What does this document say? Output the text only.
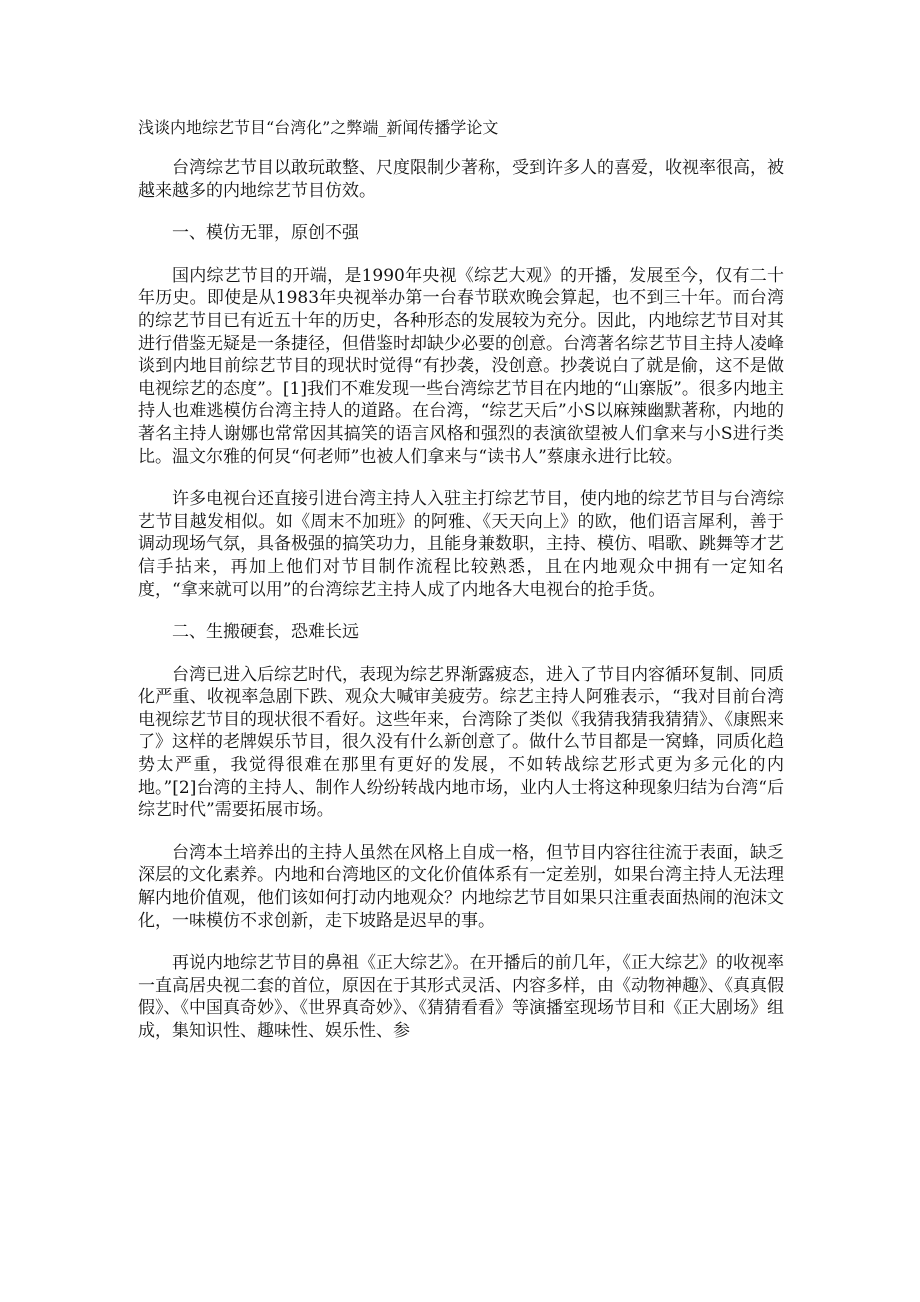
浅谈内地综艺节目“台湾化”之弊端_新闻传播学论文

台湾综艺节目以敢玩敢整、尺度限制少著称，受到许多人的喜爱，收视率很高，被越来越多的内地综艺节目仿效。

一、模仿无罪，原创不强

国内综艺节目的开端，是1990年央视《综艺大观》的开播，发展至今，仅有二十年历史。即使是从1983年央视举办第一台春节联欢晚会算起，也不到三十年。而台湾的综艺节目已有近五十年的历史，各种形态的发展较为充分。因此，内地综艺节目对其进行借鉴无疑是一条捷径，但借鉴时却缺少必要的创意。台湾著名综艺节目主持人凌峰谈到内地目前综艺节目的现状时觉得“有抄袭，没创意。抄袭说白了就是偷，这不是做电视综艺的态度”。[1]我们不难发现一些台湾综艺节目在内地的“山寨版”。很多内地主持人也难逃模仿台湾主持人的道路。在台湾，“综艺天后”小S以麻辣幽默著称，内地的著名主持人谢娜也常常因其搞笑的语言风格和强烈的表演欲望被人们拿来与小S进行类比。温文尔雅的何炅“何老师”也被人们拿来与“读书人”蔡康永进行比较。

许多电视台还直接引进台湾主持人入驻主打综艺节目，使内地的综艺节目与台湾综艺节目越发相似。如《周末不加班》的阿雅、《天天向上》的欧，他们语言犀利，善于调动现场气氛，具备极强的搞笑功力，且能身兼数职，主持、模仿、唱歌、跳舞等才艺信手拈来，再加上他们对节目制作流程比较熟悉，且在内地观众中拥有一定知名度，“拿来就可以用”的台湾综艺主持人成了内地各大电视台的抢手货。

二、生搬硬套，恐难长远

台湾已进入后综艺时代，表现为综艺界渐露疲态，进入了节目内容循环复制、同质化严重、收视率急剧下跌、观众大喊审美疲劳。综艺主持人阿雅表示，“我对目前台湾电视综艺节目的现状很不看好。这些年来，台湾除了类似《我猜我猜我猜猜》、《康熙来了》这样的老牌娱乐节目，很久没有什么新创意了。做什么节目都是一窝蜂，同质化趋势太严重，我觉得很难在那里有更好的发展，不如转战综艺形式更为多元化的内地。”[2]台湾的主持人、制作人纷纷转战内地市场，业内人士将这种现象归结为台湾“后综艺时代”需要拓展市场。

台湾本土培养出的主持人虽然在风格上自成一格，但节目内容往往流于表面，缺乏深层的文化素养。内地和台湾地区的文化价值体系有一定差别，如果台湾主持人无法理解内地价值观，他们该如何打动内地观众？内地综艺节目如果只注重表面热闹的泡沫文化，一味模仿不求创新，走下坡路是迟早的事。

再说内地综艺节目的鼻祖《正大综艺》。在开播后的前几年，《正大综艺》的收视率一直高居央视二套的首位，原因在于其形式灵活、内容多样，由《动物神趣》、《真真假假》、《中国真奇妙》、《世界真奇妙》、《猜猜看看》等演播室现场节目和《正大剧场》组成，集知识性、趣味性、娱乐性、参
